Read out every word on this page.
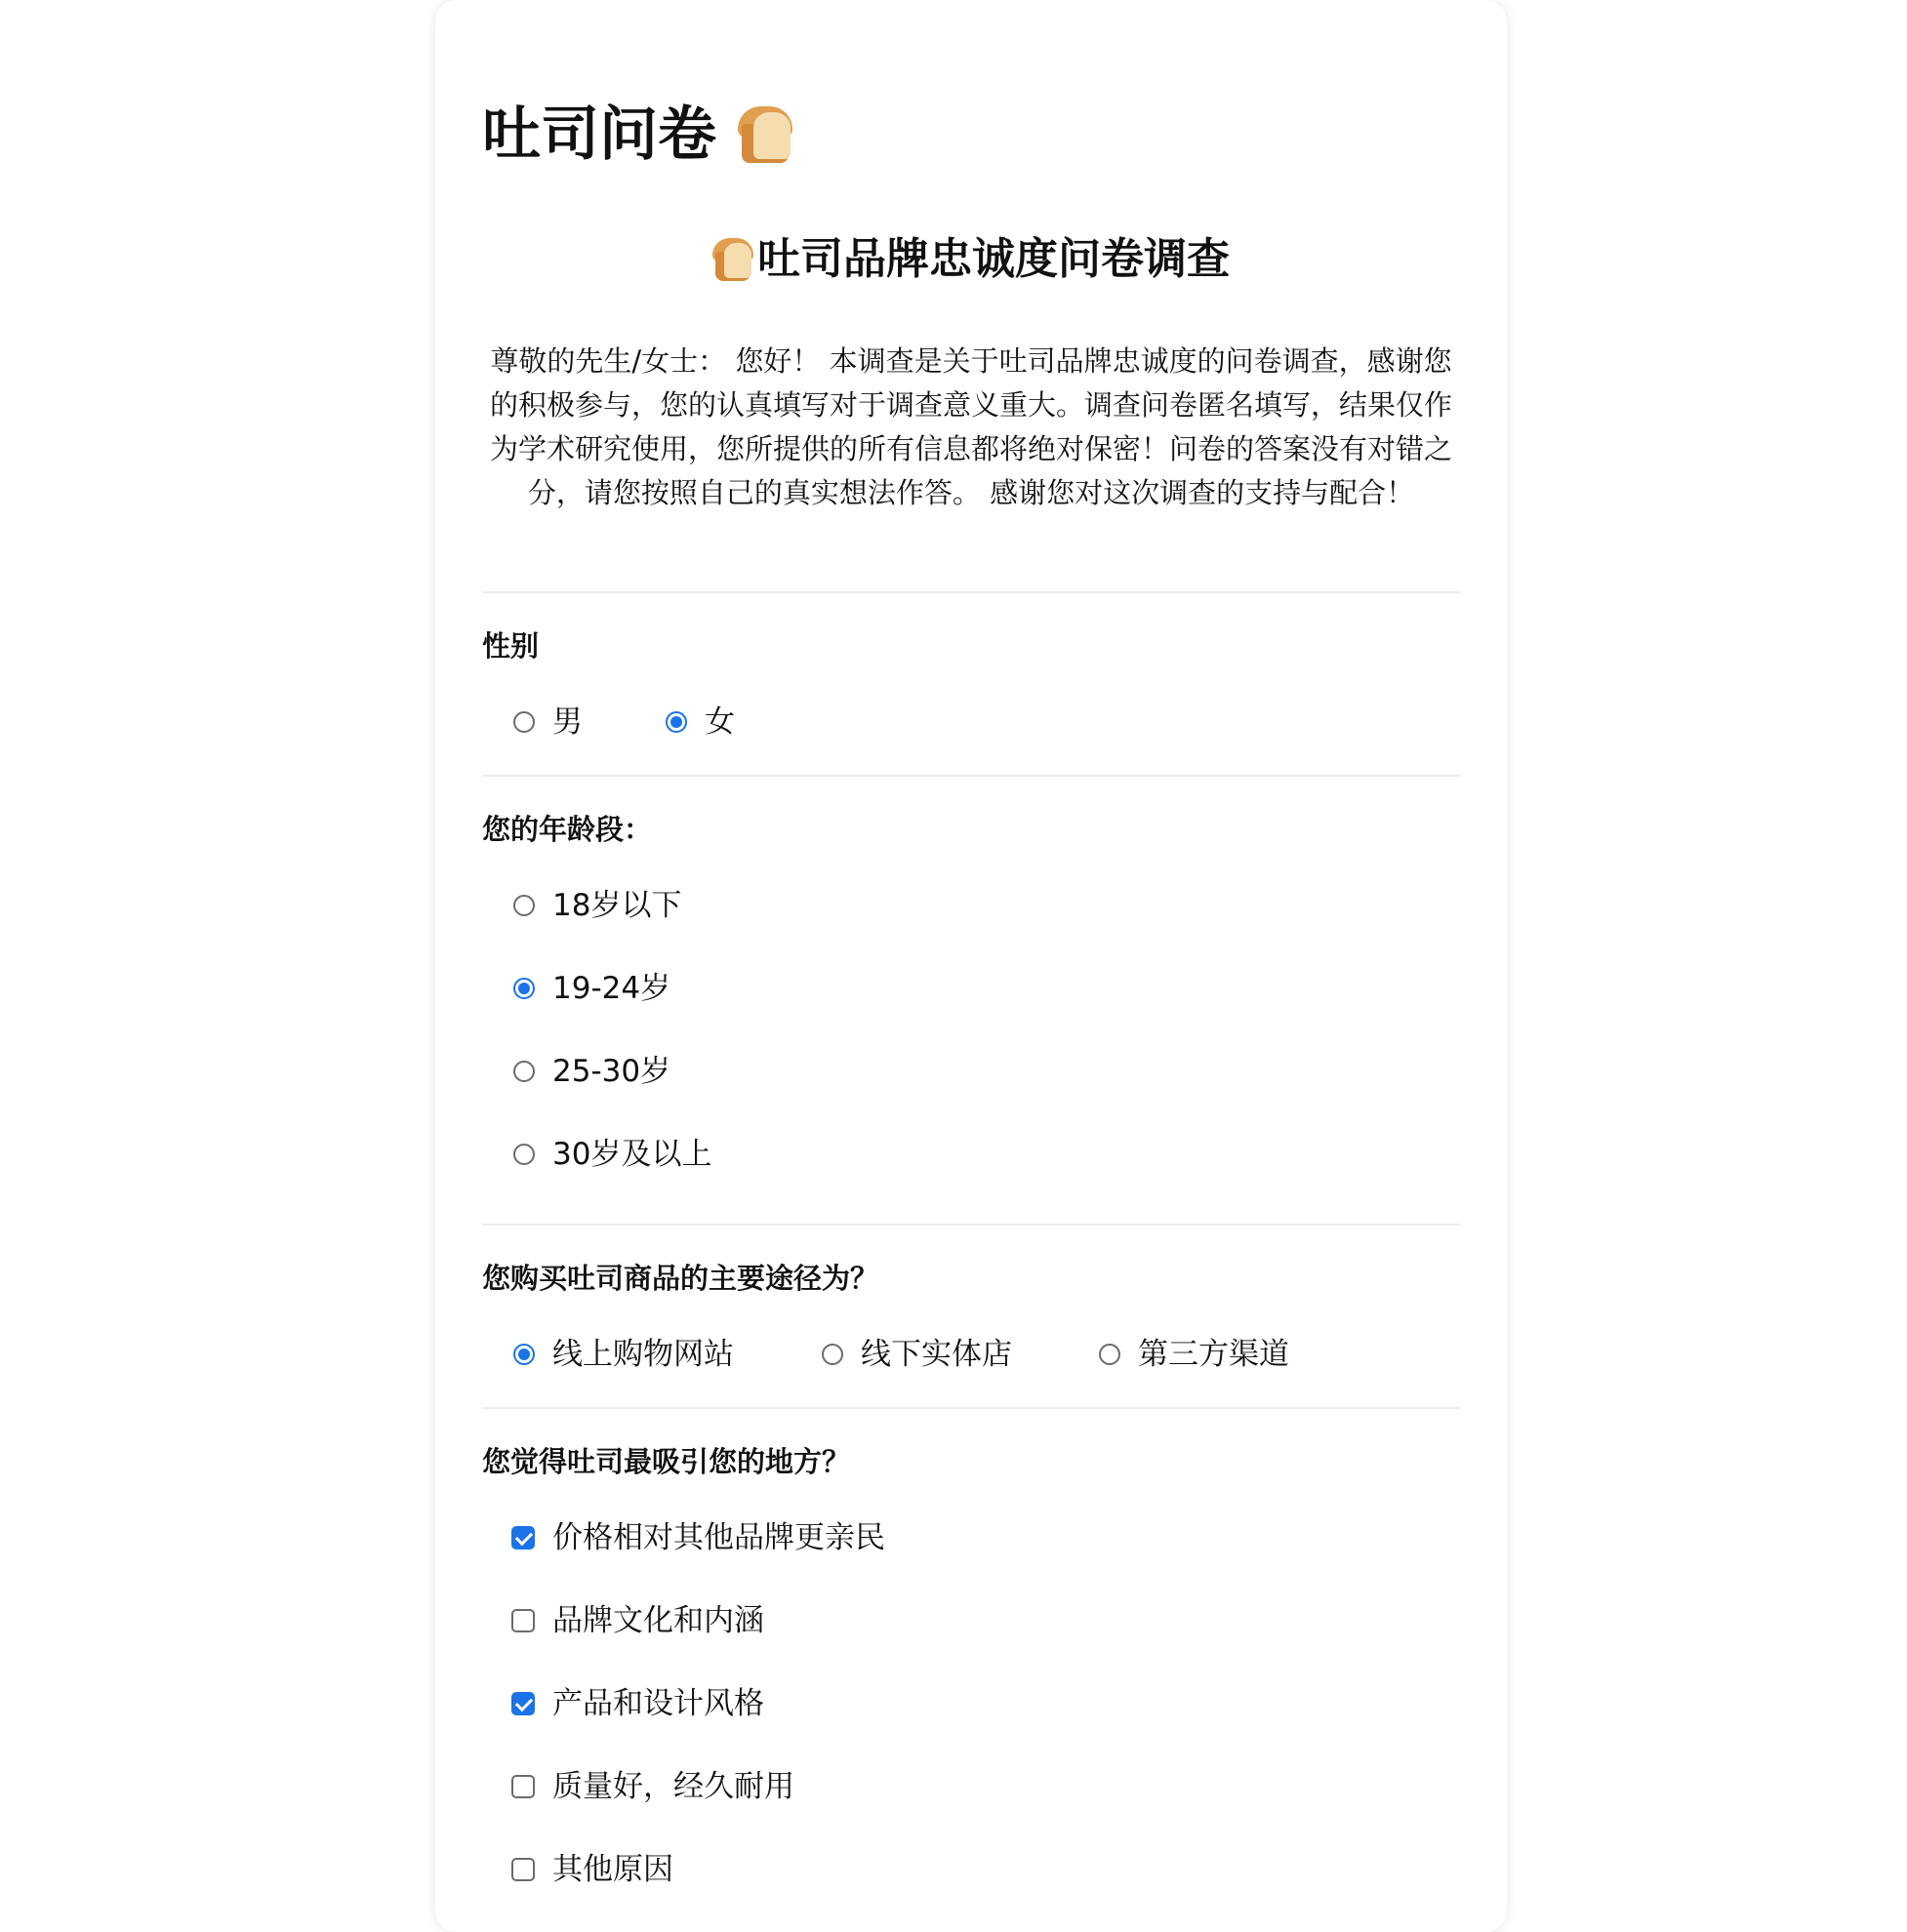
吐司问卷
吐司品牌忠诚度问卷调查

尊敬的先生/女士： 您好！ 本调查是关于吐司品牌忠诚度的问卷调查，感谢您的积极参与，您的认真填写对于调查意义重大。调查问卷匿名填写，结果仅作为学术研究使用，您所提供的所有信息都将绝对保密！问卷的答案没有对错之分，请您按照自己的真实想法作答。 感谢您对这次调查的支持与配合！

性别
男	女
您的年龄段：
18岁以下
19-24岁
25-30岁
30岁及以上
您购买吐司商品的主要途径为？
线上购物网站	线下实体店	第三方渠道
您觉得吐司最吸引您的地方？
价格相对其他品牌更亲民
品牌文化和内涵
产品和设计风格
质量好，经久耐用
其他原因
